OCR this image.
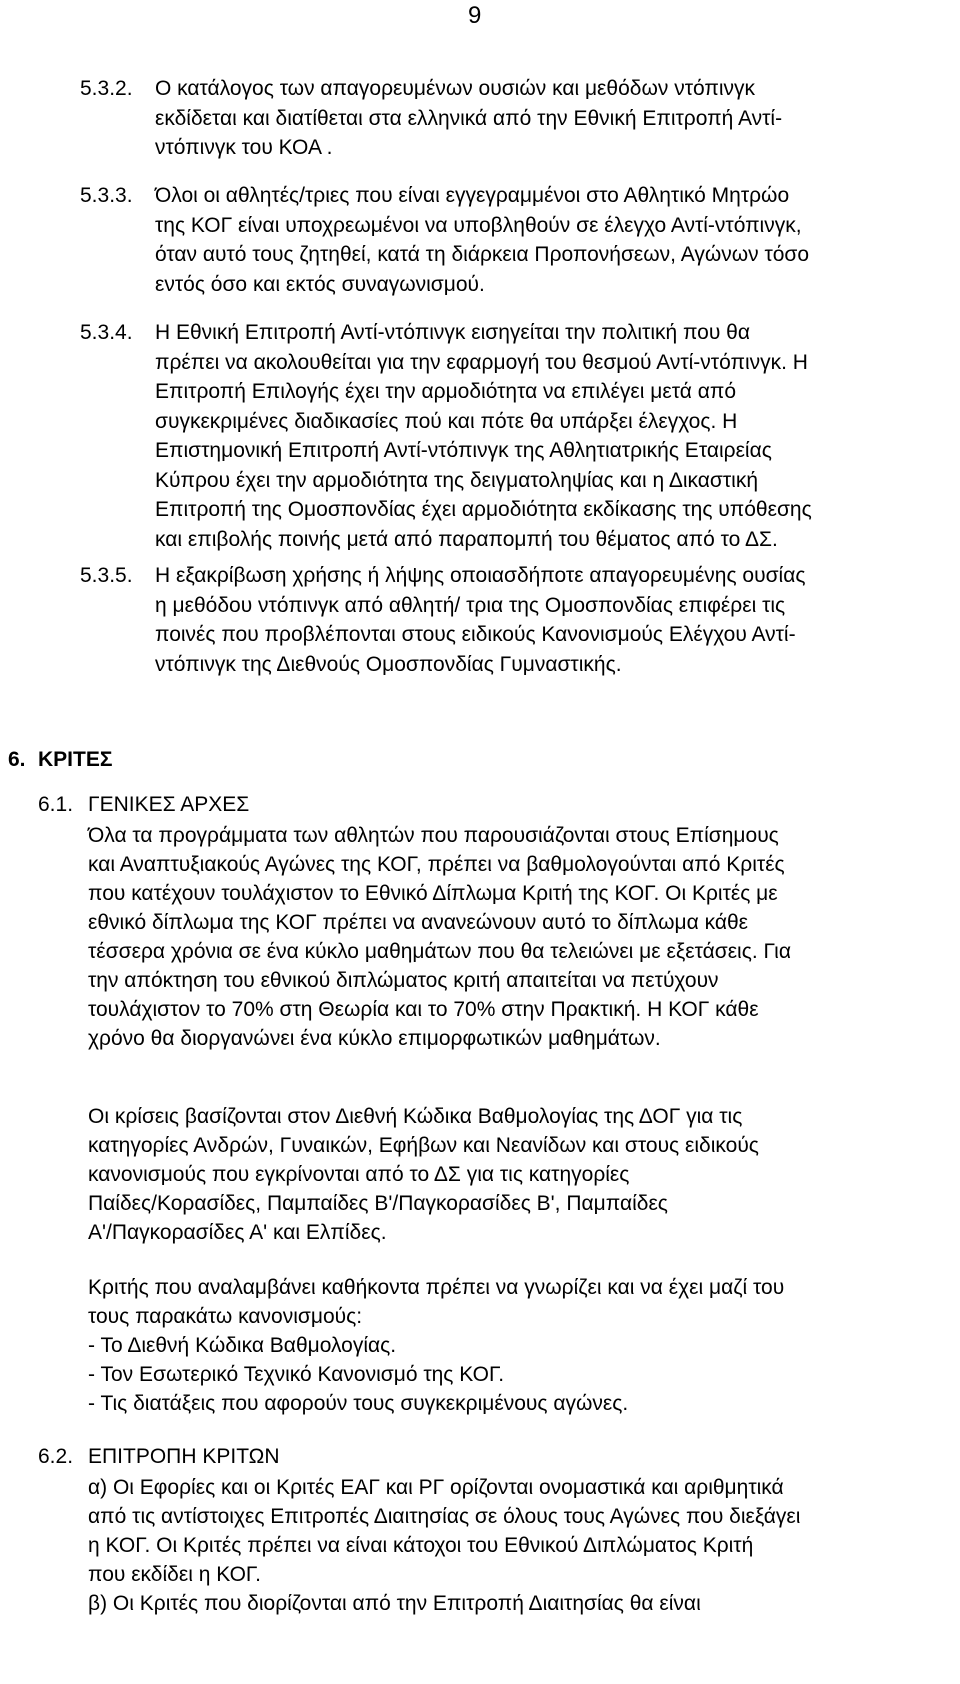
9
5.3.2. Ο κατάλογος των απαγορευμένων ουσιών και μεθόδων ντόπινγκ
εκδίδεται και διατίθεται στα ελληνικά από την Εθνική Επιτροπή Αντί-
ντόπινγκ του ΚΟΑ .
5.3.3. Όλοι οι αθλητές/τριες που είναι εγγεγραμμένοι στο Αθλητικό Μητρώο
της ΚΟΓ είναι υποχρεωμένοι να υποβληθούν σε έλεγχο Αντί-ντόπινγκ,
όταν αυτό τους ζητηθεί, κατά τη διάρκεια Προπονήσεων, Αγώνων τόσο
εντός όσο και εκτός συναγωνισμού.
5.3.4. Η Εθνική Επιτροπή Αντί-ντόπινγκ εισηγείται την πολιτική που θα
πρέπει να ακολουθείται για την εφαρμογή του θεσμού Αντί-ντόπινγκ. Η
Επιτροπή Επιλογής έχει την αρμοδιότητα να επιλέγει μετά από
συγκεκριμένες διαδικασίες πού και πότε θα υπάρξει έλεγχος. Η
Επιστημονική Επιτροπή Αντί-ντόπινγκ της Αθλητιατρικής Εταιρείας
Κύπρου έχει την αρμοδιότητα της δειγματοληψίας και η Δικαστική
Επιτροπή της Ομοσπονδίας έχει αρμοδιότητα εκδίκασης της υπόθεσης
και επιβολής ποινής μετά από παραπομπή του θέματος από το ΔΣ.
5.3.5. Η εξακρίβωση χρήσης ή λήψης οποιασδήποτε απαγορευμένης ουσίας
η μεθόδου ντόπινγκ από αθλητή/ τρια της Ομοσπονδίας επιφέρει τις
ποινές που προβλέπονται στους ειδικούς Κανονισμούς Ελέγχου Αντί-
ντόπινγκ της Διεθνούς Ομοσπονδίας Γυμναστικής.
6. ΚΡΙΤΕΣ
6.1. ΓΕΝΙΚΕΣ ΑΡΧΕΣ
Όλα τα προγράμματα των αθλητών που παρουσιάζονται στους Επίσημους
και Αναπτυξιακούς Αγώνες της ΚΟΓ, πρέπει να βαθμολογούνται από Κριτές
που κατέχουν τουλάχιστον το Εθνικό Δίπλωμα Κριτή της ΚΟΓ. Οι Κριτές με
εθνικό δίπλωμα της ΚΟΓ πρέπει να ανανεώνουν αυτό το δίπλωμα κάθε
τέσσερα χρόνια σε ένα κύκλο μαθημάτων που θα τελειώνει με εξετάσεις. Για
την απόκτηση του εθνικού διπλώματος κριτή απαιτείται να πετύχουν
τουλάχιστον το 70% στη Θεωρία και το 70% στην Πρακτική. Η ΚΟΓ κάθε
χρόνο θα διοργανώνει ένα κύκλο επιμορφωτικών μαθημάτων.
Οι κρίσεις βασίζονται στον Διεθνή Κώδικα Βαθμολογίας της ΔΟΓ για τις
κατηγορίες Ανδρών, Γυναικών, Εφήβων και Νεανίδων και στους ειδικούς
κανονισμούς που εγκρίνονται από το ΔΣ για τις κατηγορίες
Παίδες/Κορασίδες, Παμπαίδες Β'/Παγκορασίδες Β', Παμπαίδες
Α'/Παγκορασίδες Α' και Ελπίδες.
Κριτής που αναλαμβάνει καθήκοντα πρέπει να γνωρίζει και να έχει μαζί του
τους παρακάτω κανονισμούς:
- Το Διεθνή Κώδικα Βαθμολογίας.
- Τον Εσωτερικό Τεχνικό Κανονισμό της ΚΟΓ.
- Τις διατάξεις που αφορούν τους συγκεκριμένους αγώνες.
6.2. ΕΠΙΤΡΟΠΗ ΚΡΙΤΩΝ
α) Οι Εφορίες και οι Κριτές ΕΑΓ και ΡΓ ορίζονται ονομαστικά και αριθμητικά
από τις αντίστοιχες Επιτροπές Διαιτησίας σε όλους τους Αγώνες που διεξάγει
η ΚΟΓ. Οι Κριτές πρέπει να είναι κάτοχοι του Εθνικού Διπλώματος Κριτή
που εκδίδει η ΚΟΓ.
β) Οι Κριτές που διορίζονται από την Επιτροπή Διαιτησίας θα είναι
